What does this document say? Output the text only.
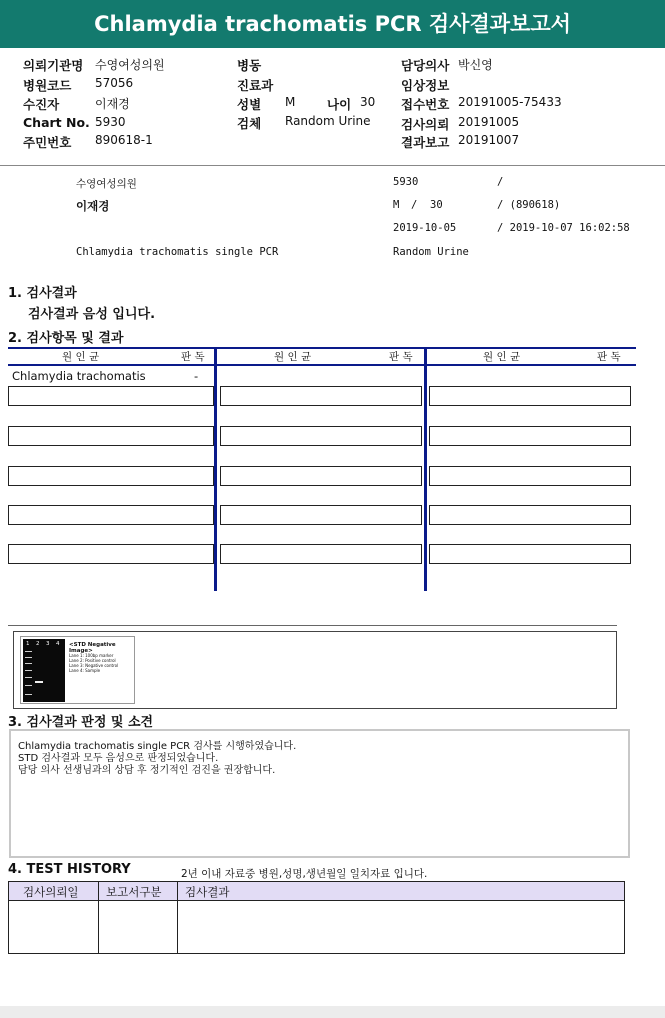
Chlamydia trachomatis PCR 검사결과보고서
의뢰기관명 수영여성의원
병원코드 57056
수진자	이재경
Chart No. 5930
주민번호 890618-1
병동
진료과
성별 M	나이 30
검체 Random Urine
담당의사 박신영
임상정보
접수번호 20191005-75433
검사의뢰 20191005
결과보고 20191007
수영여성의원	5930	/
이재경	M / 30	/ (890618)
2019-10-05	/ 2019-10-07 16:02:58
Chlamydia trachomatis single PCR	Random Urine
1. 검사결과
검사결과 음성 입니다.
2. 검사항목 및 결과
원 인 균	판 독	원 인 균	판 독	원 인 균	판 독
Chlamydia trachomatis	-
1 2 3 4 <STD Negative Image>
Lane 1: 100bp marker
Lane 2: Positive control
Lane 3: Negative control
Lane 4: Sample
3. 검사결과 판정 및 소견
Chlamydia trachomatis single PCR 검사를 시행하였습니다.
STD 검사결과 모두 음성으로 판정되었습니다.
담당 의사 선생님과의 상담 후 정기적인 검진을 권장합니다.
4. TEST HISTORY	2년 이내 자료중 병원,성명,생년월일 일치자료 입니다.
검사의뢰일 보고서구분 검사결과
